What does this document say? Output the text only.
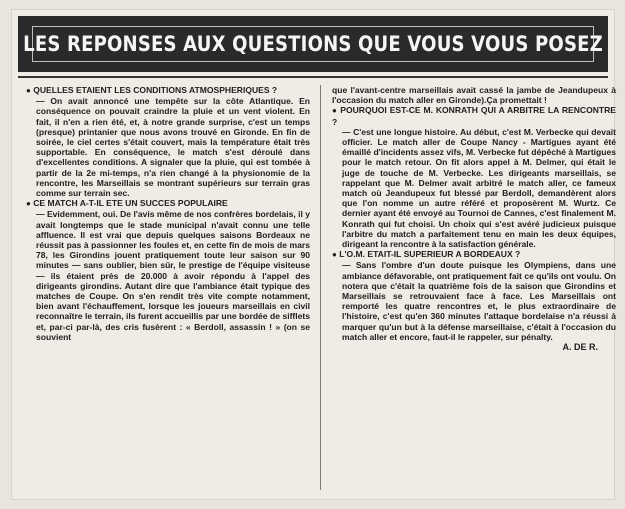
LES REPONSES AUX QUESTIONS QUE VOUS VOUS POSEZ

● QUELLES ETAIENT LES CONDITIONS ATMOSPHERIQUES ?

— On avait annoncé une tempête sur la côte Atlantique. En conséquence on pouvait craindre la pluie et un vent violent. En fait, il n'en a rien été, et, à notre grande surprise, c'est un temps (presque) printanier que nous avons trouvé en Gironde. En fin de soirée, le ciel certes s'était couvert, mais la température était très supportable. En conséquence, le match s'est déroulé dans d'excellentes conditions. A signaler que la pluie, qui est tombée à partir de la 2e mi-temps, n'a rien changé à la physionomie de la rencontre, les Marseillais se montrant supérieurs sur terrain gras comme sur terrain sec.

● CE MATCH A-T-IL ETE UN SUCCES POPULAIRE

— Evidemment, oui. De l'avis même de nos confrères bordelais, il y avait longtemps que le stade municipal n'avait connu une telle affluence. Il est vrai que depuis quelques saisons Bordeaux ne réussit pas à passionner les foules et, en cette fin de mois de mars 78, les Girondins jouent pratiquement toute leur saison sur 90 minutes — sans oublier, bien sûr, le prestige de l'équipe visiteuse — ils étaient près de 20.000 à avoir répondu à l'appel des dirigeants girondins. Autant dire que l'ambiance était typique des matches de Coupe. On s'en rendit très vite compte notamment, bien avant l'échauffement, lorsque les joueurs marseillais en civil reconnaître le terrain, ils furent accueillis par une bordée de sifflets et, par-ci par-là, des cris fusèrent : « Berdoll, assassin ! » (on se souvient

que l'avant-centre marseillais avait cassé la jambe de Jeandupeux à l'occasion du match aller en Gironde).Ça promettait !

● POURQUOI EST-CE M. KONRATH QUI A ARBITRE LA RENCONTRE ?

— C'est une longue histoire. Au début, c'est M. Verbecke qui devait officier. Le match aller de Coupe Nancy - Martigues ayant été émaillé d'incidents assez vifs, M. Verbecke fut dépêché à Martigues pour le match retour. On fit alors appel à M. Delmer, qui était le juge de touche de M. Verbecke. Les dirigeants marseillais, se rappelant que M. Delmer avait arbitré le match aller, ce fameux match où Jeandupeux fut blessé par Berdoll, demandèrent alors que l'on nomme un autre référé et proposèrent M. Wurtz. Ce dernier ayant été envoyé au Tournoi de Cannes, c'est finalement M. Konrath qui fut choisi. Un choix qui s'est avéré judicieux puisque l'arbitre du match a parfaitement tenu en main les deux équipes, dirigeant la rencontre à la satisfaction générale.

● L'O.M. ETAIT-IL SUPERIEUR A BORDEAUX ?

— Sans l'ombre d'un doute puisque les Olympiens, dans une ambiance défavorable, ont pratiquement fait ce qu'ils ont voulu. On notera que c'était la quatrième fois de la saison que Girondins et Marseillais se retrouvaient face à face. Les Marseillais ont remporté les quatre rencontres et, le plus extraordinaire de l'histoire, c'est qu'en 360 minutes l'attaque bordelaise n'a réussi à marquer qu'un but à la défense marseillaise, c'était à l'occasion du match aller et encore, faut-il le rappeler, sur pénalty.

A. DE R.
